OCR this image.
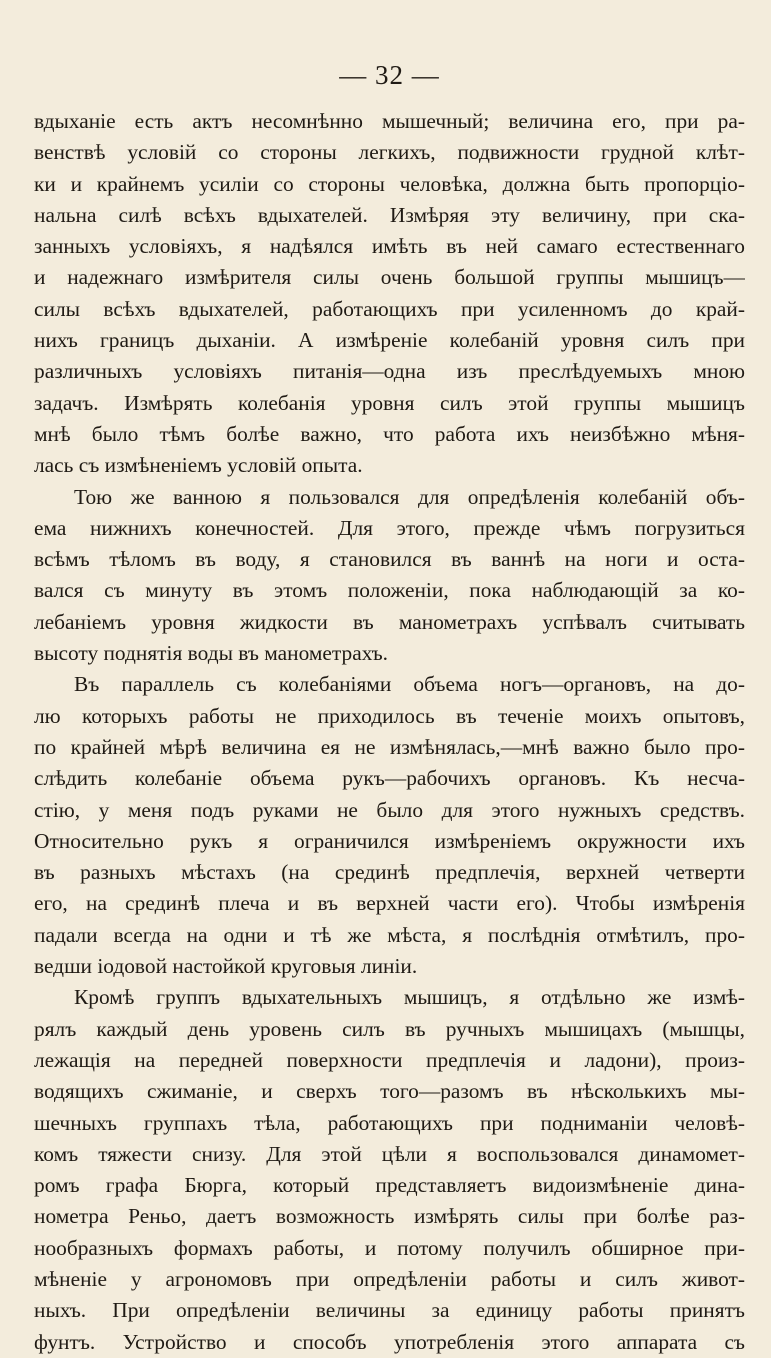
— 32 —
вдыханіе есть актъ несомнѣнно мышечный; величина его, при ра-
венствѣ условій со стороны легкихъ, подвижности грудной клѣт-
ки и крайнемъ усиліи со стороны человѣка, должна быть пропорціо-
нальна силѣ всѣхъ вдыхателей. Измѣряя эту величину, при ска-
занныхъ условіяхъ, я надѣялся имѣть въ ней самаго естественнаго
и надежнаго измѣрителя силы очень большой группы мышицъ—
силы всѣхъ вдыхателей, работающихъ при усиленномъ до край-
нихъ границъ дыханіи. А измѣреніе колебаній уровня силъ при
различныхъ условіяхъ питанія—одна изъ преслѣдуемыхъ мною
задачъ. Измѣрять колебанія уровня силъ этой группы мышицъ
мнѣ было тѣмъ болѣе важно, что работа ихъ неизбѣжно мѣня-
лась съ измѣненіемъ условій опыта.
Тою же ванною я пользовался для опредѣленія колебаній объ-
ема нижнихъ конечностей. Для этого, прежде чѣмъ погрузиться
всѣмъ тѣломъ въ воду, я становился въ ваннѣ на ноги и оста-
вался съ минуту въ этомъ положеніи, пока наблюдающій за ко-
лебаніемъ уровня жидкости въ манометрахъ успѣвалъ считывать
высоту поднятія воды въ манометрахъ.
Въ параллель съ колебаніями объема ногъ—органовъ, на до-
лю которыхъ работы не приходилось въ теченіе моихъ опытовъ,
по крайней мѣрѣ величина ея не измѣнялась,—мнѣ важно было про-
слѣдить колебаніе объема рукъ—рабочихъ органовъ. Къ несча-
стію, у меня подъ руками не было для этого нужныхъ средствъ.
Относительно рукъ я ограничился измѣреніемъ окружности ихъ
въ разныхъ мѣстахъ (на срединѣ предплечія, верхней четверти
его, на срединѣ плеча и въ верхней части его). Чтобы измѣренія
падали всегда на одни и тѣ же мѣста, я послѣднія отмѣтилъ, про-
ведши іодовой настойкой круговыя линіи.
Кромѣ группъ вдыхательныхъ мышицъ, я отдѣльно же измѣ-
рялъ каждый день уровень силъ въ ручныхъ мышицахъ (мышцы,
лежащія на передней поверхности предплечія и ладони), произ-
водящихъ сжиманіе, и сверхъ того—разомъ въ нѣсколькихъ мы-
шечныхъ группахъ тѣла, работающихъ при подниманіи человѣ-
комъ тяжести снизу. Для этой цѣли я воспользовался динамомет-
ромъ графа Бюрга, который представляетъ видоизмѣненіе дина-
нометра Реньо, даетъ возможность измѣрять силы при болѣе раз-
нообразныхъ формахъ работы, и потому получилъ обширное при-
мѣненіе у агрономовъ при опредѣленіи работы и силъ живот-
ныхъ. При опредѣленіи величины за единицу работы принятъ
фунтъ. Устройство и способъ употребленія этого аппарата съ
